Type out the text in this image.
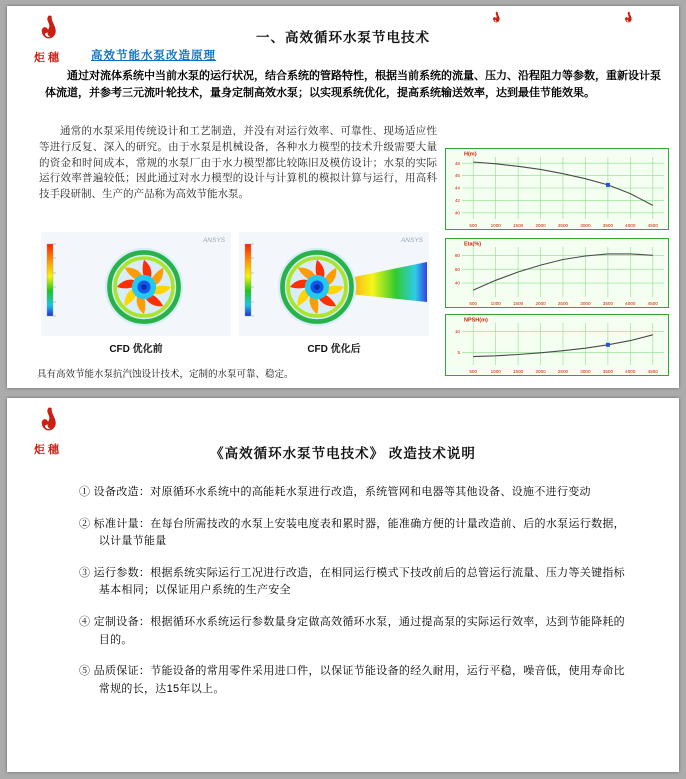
炬穗
一、高效循环水泵节电技术
高效节能水泵改造原理

通过对流体系统中当前水泵的运行状况，结合系统的管路特性，根据当前系统的流量、压力、沿程阻力等参数，重新设计泵体流道，并参考三元流叶轮技术，量身定制高效水泵；以实现系统优化，提高系统输送效率，达到最佳节能效果。

通常的水泵采用传统设计和工艺制造，并没有对运行效率、可靠性、现场适应性等进行反复、深入的研究。由于水泵是机械设备，各种水力模型的技术升级需要大量的资金和时间成本，常规的水泵厂由于水力模型都比较陈旧及模仿设计；水泵的实际运行效率普遍较低；因此通过对水力模型的设计与计算机的模拟计算与运行，用高科技手段研制、生产的产品称为高效节能水泵。

ANSYS
CFD 优化前
ANSYS
CFD 优化后

具有高效节能水泵抗汽蚀设计技术，定制的水泵可靠、稳定。

500	1000	1500	2000	2500	3000	3500	4000	4500
40
42
44
46
48
H(m)
500	1000	1500	2000	2500	3000	3500	4000	4500
40
60
80
Eta(%)
500	1000	1500	2000	2500	3000	3500	4000	4500
5
10
NPSH(m)
炬穗	《高效循环水泵节电技术》 改造技术说明

① 设备改造：对原循环水系统中的高能耗水泵进行改造，系统管网和电器等其他设备、设施不进行变动

② 标准计量：在每台所需技改的水泵上安装电度表和累时器，能准确方便的计量改造前、后的水泵运行数据，以计量节能量

③ 运行参数：根据系统实际运行工况进行改造，在相同运行模式下技改前后的总管运行流量、压力等关键指标基本相同；以保证用户系统的生产安全

④ 定制设备：根据循环水系统运行参数量身定做高效循环水泵，通过提高泵的实际运行效率，达到节能降耗的目的。

⑤ 品质保证：节能设备的常用零件采用进口件，以保证节能设备的经久耐用，运行平稳，噪音低，使用寿命比常规的长，达15年以上。
